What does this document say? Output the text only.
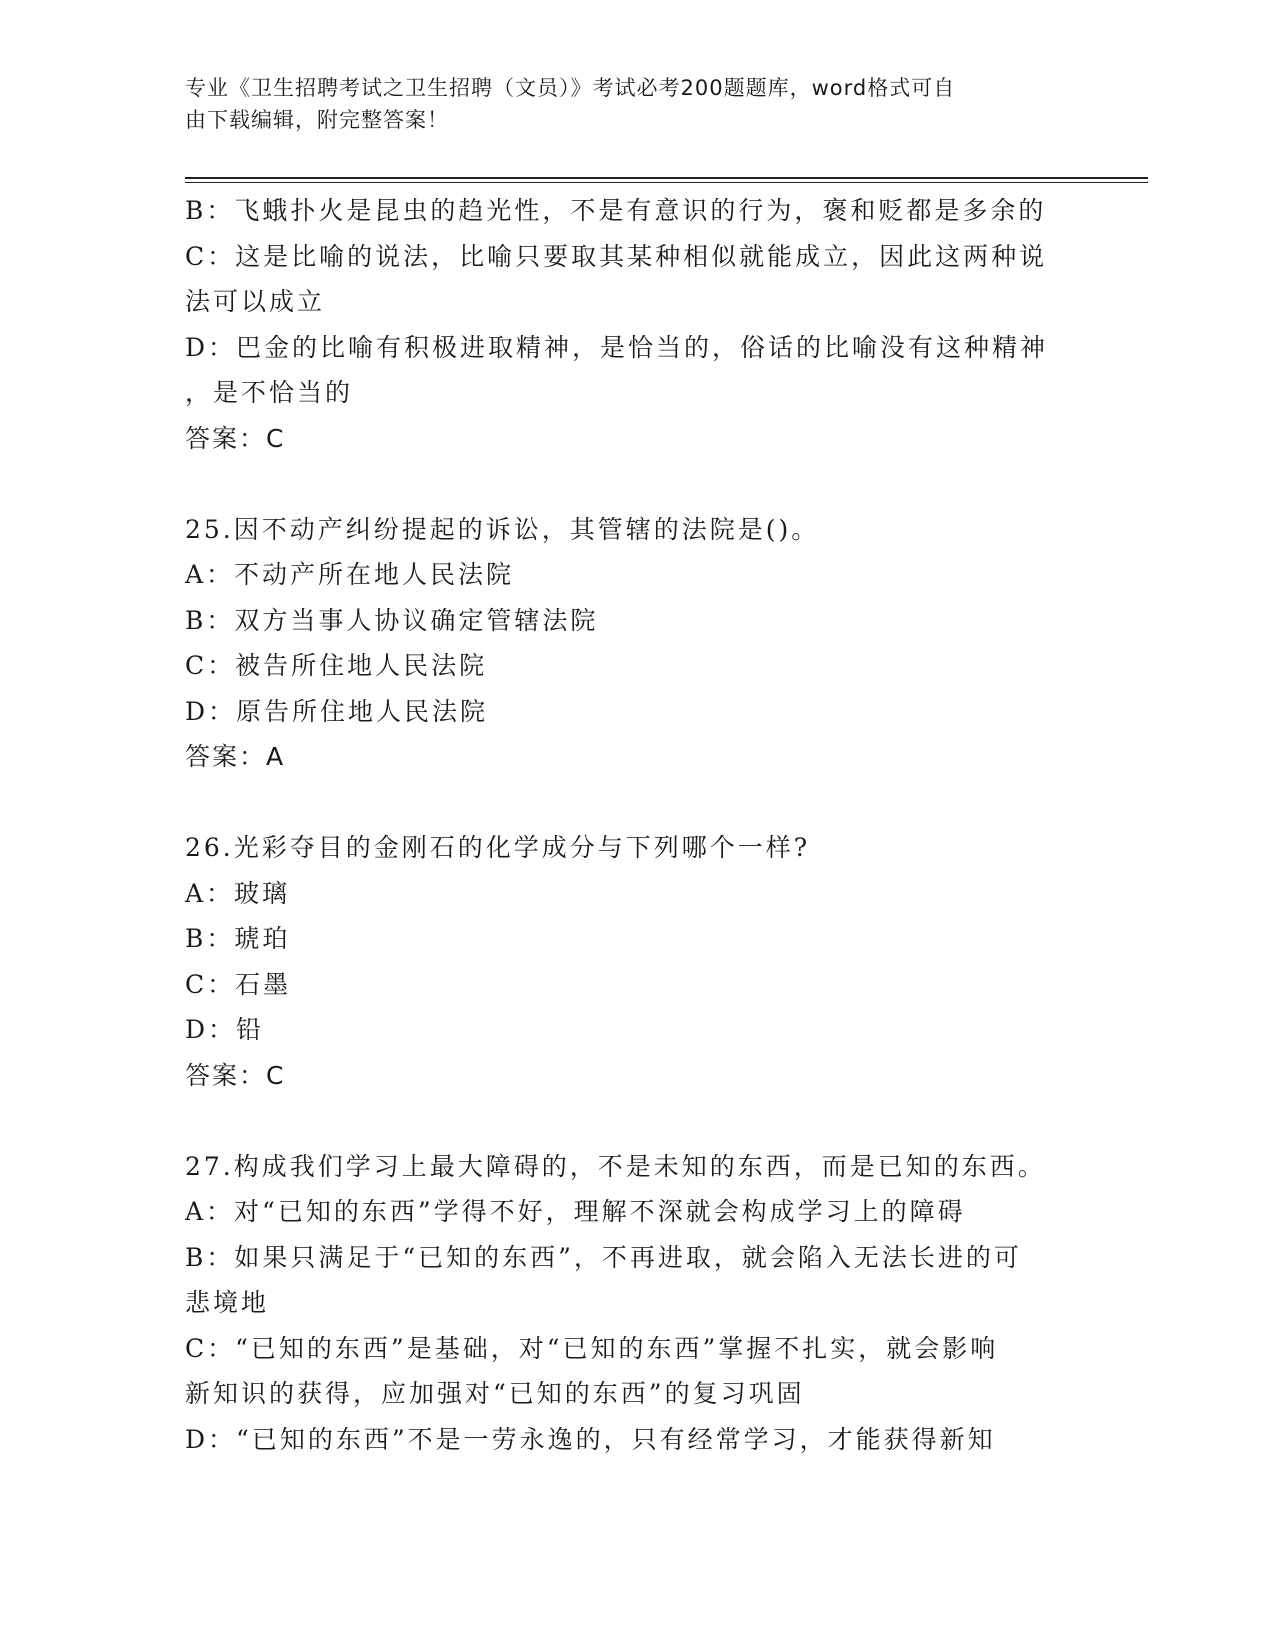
专业《卫生招聘考试之卫生招聘（文员）》考试必考200题题库，word格式可自
由下载编辑，附完整答案！
B：飞蛾扑火是昆虫的趋光性，不是有意识的行为，褒和贬都是多余的
C：这是比喻的说法，比喻只要取其某种相似就能成立，因此这两种说
法可以成立
D：巴金的比喻有积极进取精神，是恰当的，俗话的比喻没有这种精神
，是不恰当的
答案：C
25.因不动产纠纷提起的诉讼，其管辖的法院是()。
A：不动产所在地人民法院
B：双方当事人协议确定管辖法院
C：被告所住地人民法院
D：原告所住地人民法院
答案：A
26.光彩夺目的金刚石的化学成分与下列哪个一样?
A：玻璃
B：琥珀
C：石墨
D：铅
答案：C
27.构成我们学习上最大障碍的，不是未知的东西，而是已知的东西。
A：对“已知的东西”学得不好，理解不深就会构成学习上的障碍
B：如果只满足于“已知的东西”，不再进取，就会陷入无法长进的可
悲境地
C：“已知的东西”是基础，对“已知的东西”掌握不扎实，就会影响
新知识的获得，应加强对“已知的东西”的复习巩固
D：“已知的东西”不是一劳永逸的，只有经常学习，才能获得新知
